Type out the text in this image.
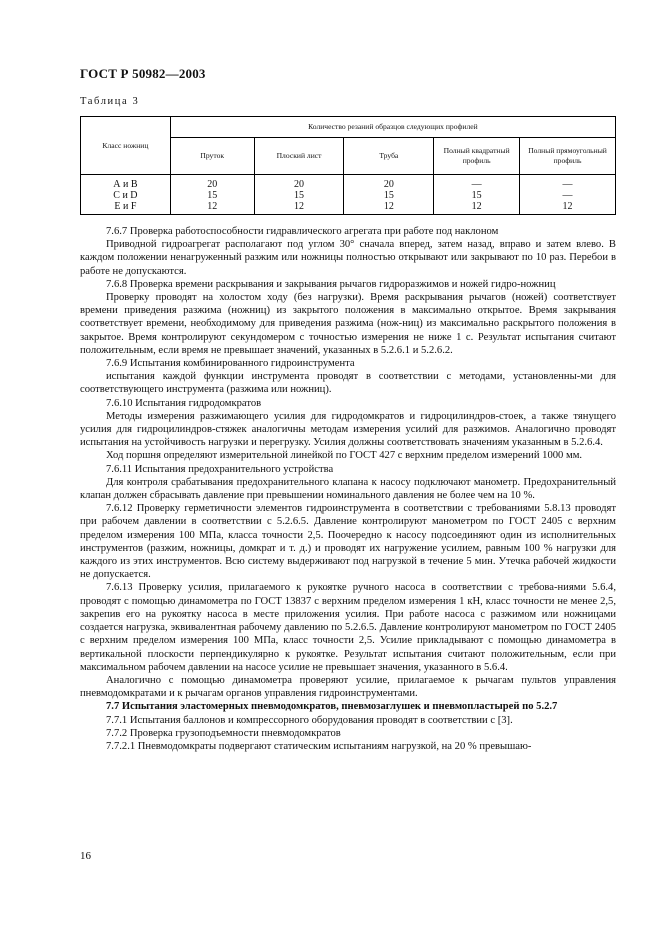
ГОСТ Р 50982—2003
Таблица 3
Класс ножниц	Количество резаний образцов следующих профилей				
	Пруток	Плоский лист	Труба	Полный квадратный профиль	Полный прямоугольный профиль
А и В	20	20	20	—	—
С и D	15	15	15	15	—
Е и F	12	12	12	12	12

7.6.7 Проверка работоспособности гидравлического агрегата при работе под наклоном

Приводной гидроагрегат располагают под углом 30° сначала вперед, затем назад, вправо и затем влево. В каждом положении ненагруженный разжим или ножницы полностью открывают или закрывают по 10 раз. Перебои в работе не допускаются.

7.6.8 Проверка времени раскрывания и закрывания рычагов гидроразжимов и ножей гидро-ножниц

Проверку проводят на холостом ходу (без нагрузки). Время раскрывания рычагов (ножей) соответствует времени приведения разжима (ножниц) из закрытого положения в максимально открытое. Время закрывания соответствует времени, необходимому для приведения разжима (нож-ниц) из максимально раскрытого положения в закрытое. Время контролируют секундомером с точностью измерения не ниже 1 с. Результат испытания считают положительным, если время не превышает значений, указанных в 5.2.6.1 и 5.2.6.2.

7.6.9 Испытания комбинированного гидроинструмента

испытания каждой функции инструмента проводят в соответствии с методами, установленны-ми для соответствующего инструмента (разжима или ножниц).

7.6.10 Испытания гидродомкратов

Методы измерения разжимающего усилия для гидродомкратов и гидроцилиндров-стоек, а также тянущего усилия для гидроцилиндров-стяжек аналогичны методам измерения усилий для разжимов. Аналогично проводят испытания на устойчивость нагрузки и перегрузку. Усилия должны соответствовать значениям указанным в 5.2.6.4.

Ход поршня определяют измерительной линейкой по ГОСТ 427 с верхним пределом измерений 1000 мм.

7.6.11 Испытания предохранительного устройства

Для контроля срабатывания предохранительного клапана к насосу подключают манометр. Предохранительный клапан должен сбрасывать давление при превышении номинального давления не более чем на 10 %.

7.6.12 Проверку герметичности элементов гидроинструмента в соответствии с требованиями 5.8.13 проводят при рабочем давлении в соответствии с 5.2.6.5. Давление контролируют манометром по ГОСТ 2405 с верхним пределом измерения 100 МПа, класса точности 2,5. Поочередно к насосу подсоединяют один из исполнительных инструментов (разжим, ножницы, домкрат и т. д.) и проводят их нагружение усилием, равным 100 % нагрузки для каждого из этих инструментов. Всю систему выдерживают под нагрузкой в течение 5 мин. Утечка рабочей жидкости не допускается.

7.6.13 Проверку усилия, прилагаемого к рукоятке ручного насоса в соответствии с требова-ниями 5.6.4, проводят с помощью динамометра по ГОСТ 13837 с верхним пределом измерения 1 кН, класс точности не менее 2,5, закрепив его на рукоятку насоса в месте приложения усилия. При работе насоса с разжимом или ножницами создается нагрузка, эквивалентная рабочему давлению по 5.2.6.5. Давление контролируют манометром по ГОСТ 2405 с верхним пределом измерения 100 МПа, класс точности 2,5. Усилие прикладывают с помощью динамометра в вертикальной плоскости перпендикулярно к рукоятке. Результат испытания считают положительным, если при максимальном рабочем давлении на насосе усилие не превышает значения, указанного в 5.6.4.

Аналогично с помощью динамометра проверяют усилие, прилагаемое к рычагам пультов управления пневмодомкратами и к рычагам органов управления гидроинструментами.

7.7 Испытания эластомерных пневмодомкратов, пневмозаглушек и пневмопластырей по 5.2.7

7.7.1 Испытания баллонов и компрессорного оборудования проводят в соответствии с [3].

7.7.2 Проверка грузоподъемности пневмодомкратов

7.7.2.1 Пневмодомкраты подвергают статическим испытаниям нагрузкой, на 20 % превышаю-

16
